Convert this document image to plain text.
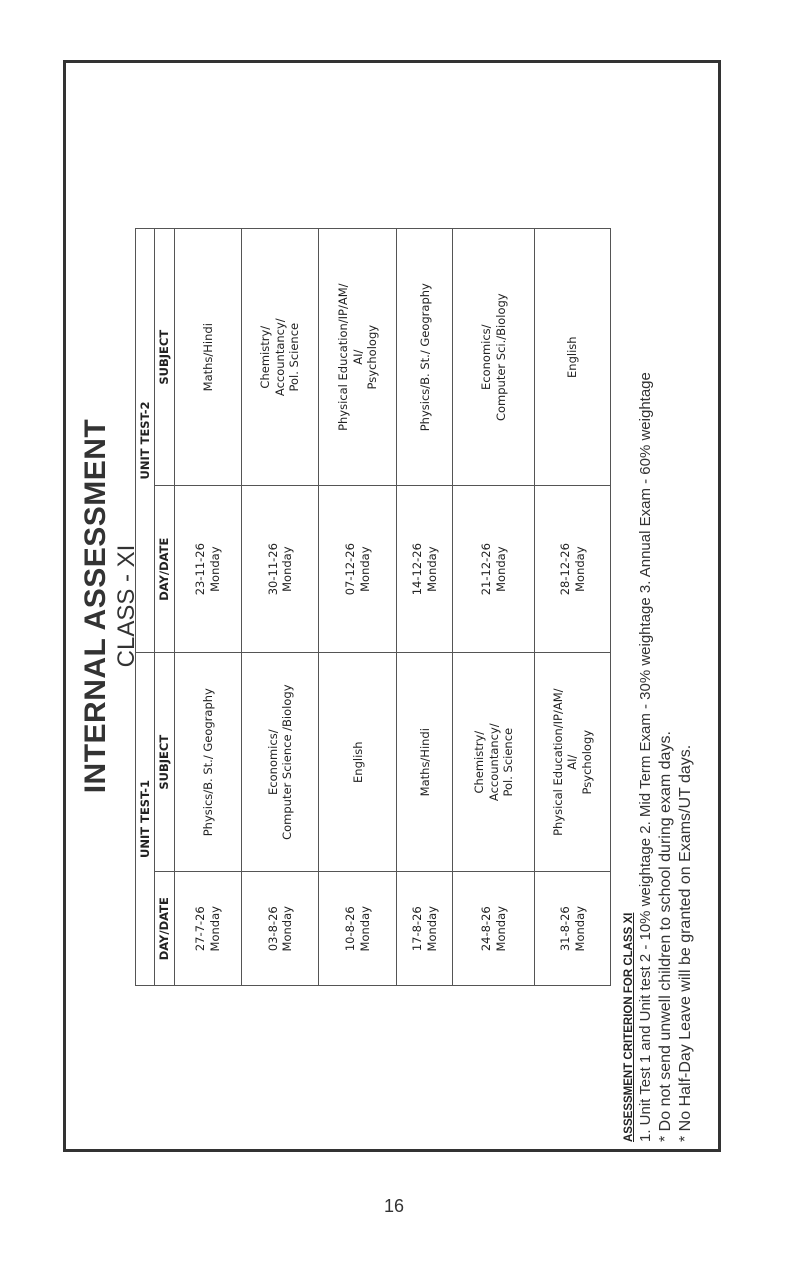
INTERNAL ASSESSMENT CLASS - XI
UNIT TEST-1		UNIT TEST-2	
DAY/DATE	SUBJECT	DAY/DATE	SUBJECT

27-7-26 Monday	Physics/B. St./ Geography	23-11-26 Monday	Maths/Hindi

03-8-26 Monday	Economics/ Computer Science /Biology	30-11-26 Monday	Chemistry/ Accountancy/ Pol. Science

10-8-26 Monday	English	07-12-26 Monday	Physical Education/IP/AM/ AI/ Psychology

17-8-26 Monday	Maths/Hindi	14-12-26 Monday	Physics/B. St./ Geography

24-8-26 Monday	Chemistry/ Accountancy/ Pol. Science	21-12-26 Monday	Economics/ Computer Sci./Biology

31-8-26 Monday	Physical Education/IP/AM/ AI/ Psychology	28-12-26 Monday	English
ASSESSMENT CRITERION FOR CLASS XI 1. Unit Test 1 and Unit test 2 - 10% weightage 2. Mid Term Exam - 30% weightage 3. Annual Exam - 60% weightage * Do not send unwell children to school during exam days. * No Half-Day Leave will be granted on Exams/UT days.
16
